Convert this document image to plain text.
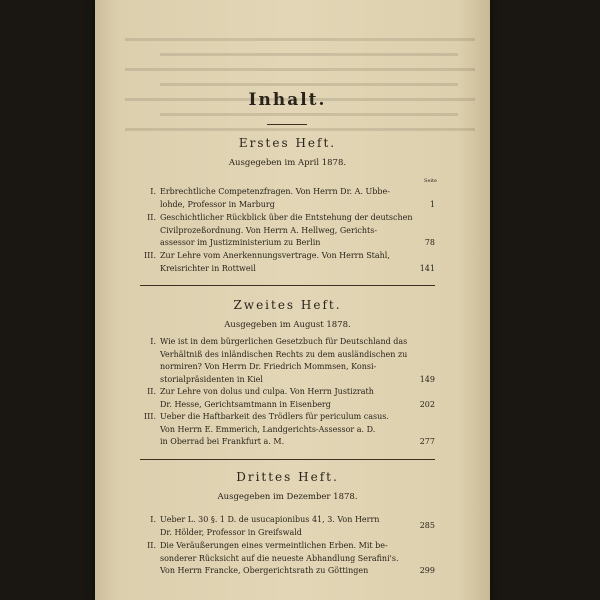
Inhalt.
Erstes Heft.
Ausgegeben im April 1878.
Seite
I. Erbrechtliche Competenzfragen. Von Herrn Dr. A. Ubbe-
lohde, Professor in Marburg	1
II. Geschichtlicher Rückblick über die Entstehung der deutschen
Civilprozeßordnung. Von Herrn A. Hellweg, Gerichts-
assessor im Justizministerium zu Berlin	78
III. Zur Lehre vom Anerkennungsvertrage. Von Herrn Stahl,
Kreisrichter in Rottweil	141
Zweites Heft.
Ausgegeben im August 1878.
I. Wie ist in dem bürgerlichen Gesetzbuch für Deutschland das
Verhältniß des inländischen Rechts zu dem ausländischen zu
normiren? Von Herrn Dr. Friedrich Mommsen, Konsi-
storialpräsidenten in Kiel	149
II. Zur Lehre von dolus und culpa. Von Herrn Justizrath
Dr. Hesse, Gerichtsamtmann in Eisenberg	202
III. Ueber die Haftbarkeit des Trödlers für periculum casus.
Von Herrn E. Emmerich, Landgerichts-Assessor a. D.
in Oberrad bei Frankfurt a. M.	277
Drittes Heft.
Ausgegeben im Dezember 1878.
I. Ueber L. 30 §. 1 D. de usucapionibus 41, 3. Von Herrn
Dr. Hölder, Professor in Greifswald
285
II. Die Veräußerungen eines vermeintlichen Erben. Mit be-
sonderer Rücksicht auf die neueste Abhandlung Serafini's.
Von Herrn Francke, Obergerichtsrath zu Göttingen	299
